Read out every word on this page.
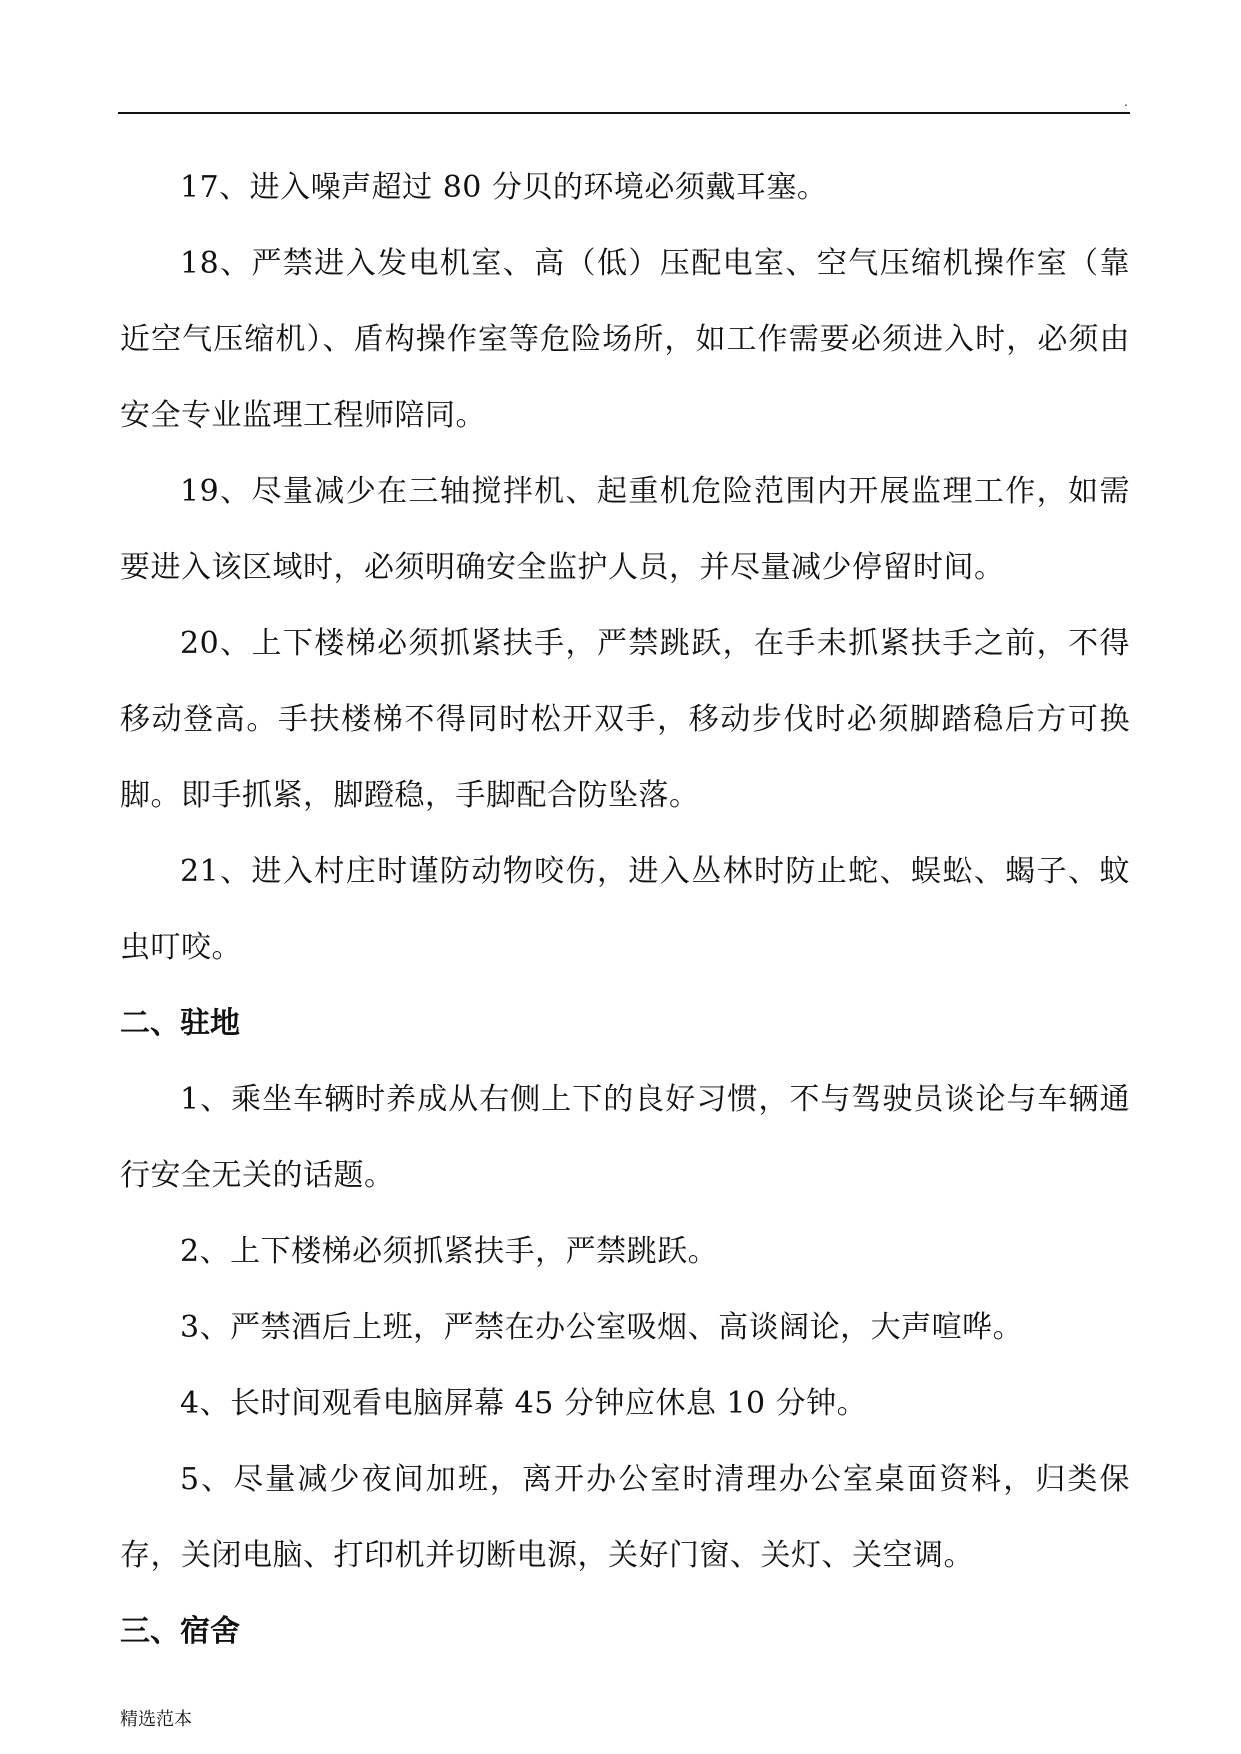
.

17、进入噪声超过 80 分贝的环境必须戴耳塞。

18、严禁进入发电机室、高（低）压配电室、空气压缩机操作室（靠近空气压缩机）、盾构操作室等危险场所，如工作需要必须进入时，必须由安全专业监理工程师陪同。

19、尽量减少在三轴搅拌机、起重机危险范围内开展监理工作，如需要进入该区域时，必须明确安全监护人员，并尽量减少停留时间。

20、上下楼梯必须抓紧扶手，严禁跳跃，在手未抓紧扶手之前，不得移动登高。手扶楼梯不得同时松开双手，移动步伐时必须脚踏稳后方可换脚。即手抓紧，脚蹬稳，手脚配合防坠落。

21、进入村庄时谨防动物咬伤，进入丛林时防止蛇、蜈蚣、蝎子、蚊虫叮咬。

二、驻地

1、乘坐车辆时养成从右侧上下的良好习惯，不与驾驶员谈论与车辆通行安全无关的话题。

2、上下楼梯必须抓紧扶手，严禁跳跃。

3、严禁酒后上班，严禁在办公室吸烟、高谈阔论，大声喧哗。

4、长时间观看电脑屏幕 45 分钟应休息 10 分钟。

5、尽量减少夜间加班，离开办公室时清理办公室桌面资料，归类保存，关闭电脑、打印机并切断电源，关好门窗、关灯、关空调。

三、宿舍
精选范本
